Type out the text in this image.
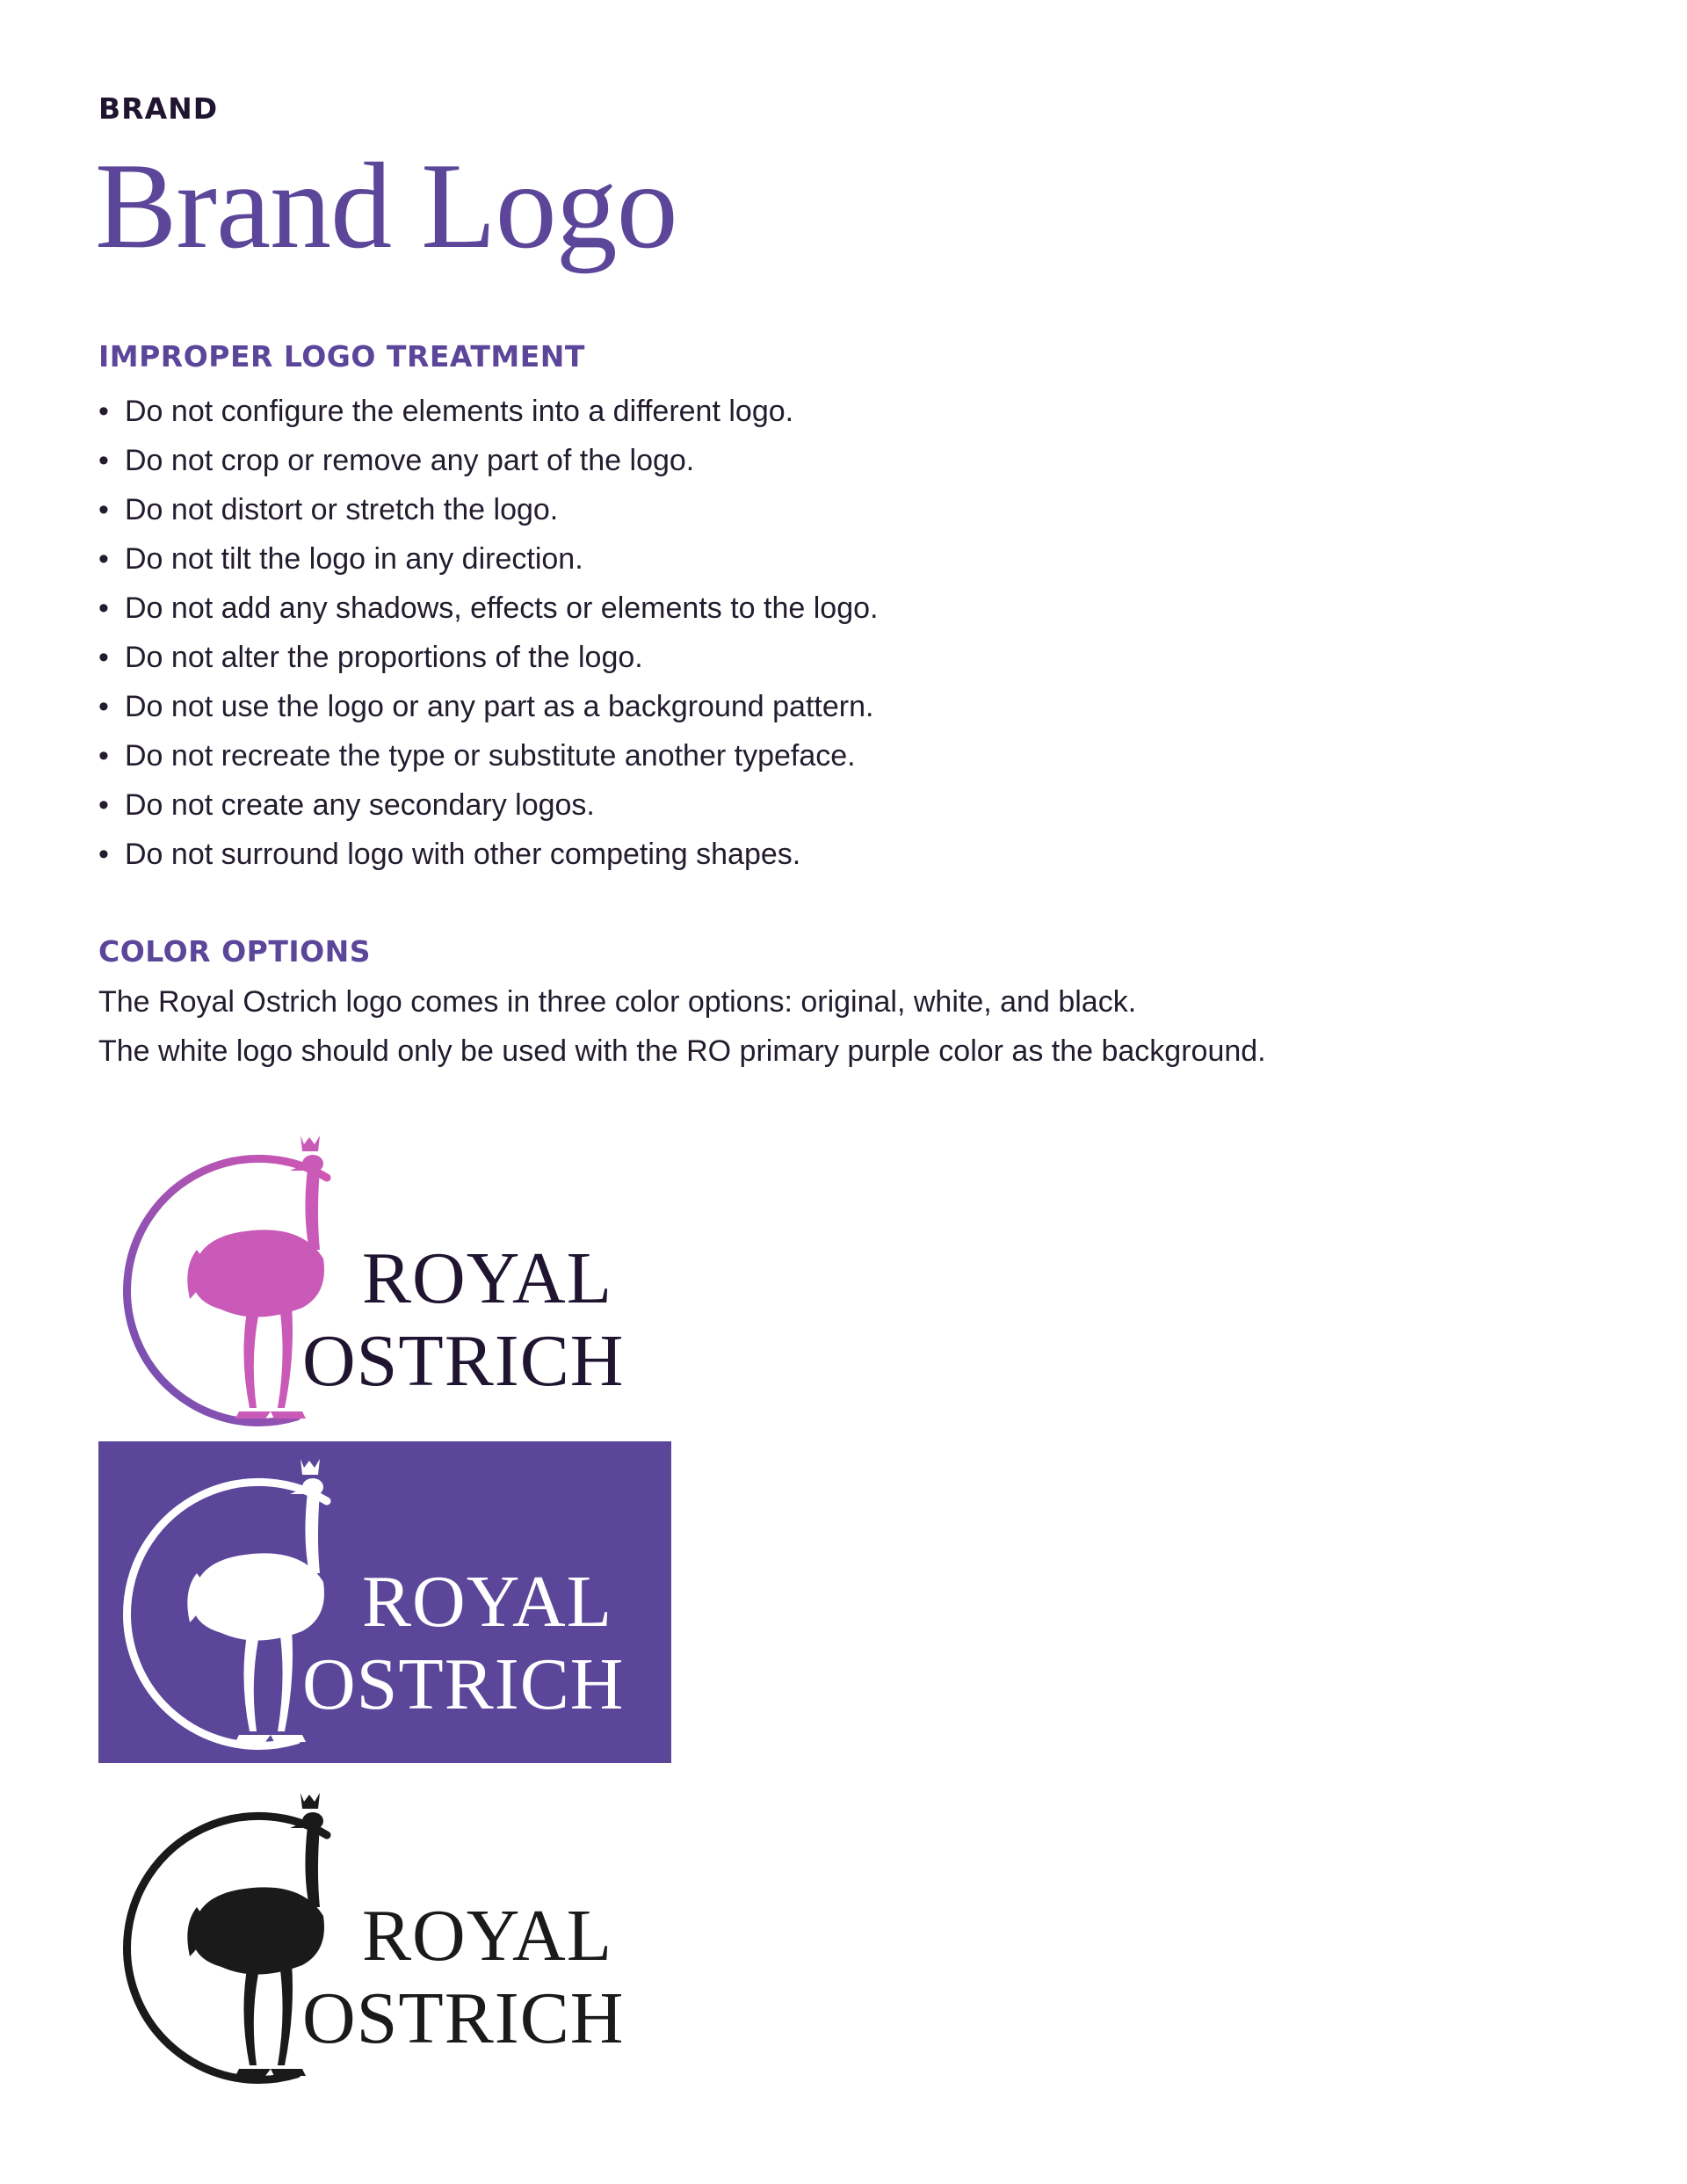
BRAND
Brand Logo
IMPROPER LOGO TREATMENT
• Do not configure the elements into a different logo.
• Do not crop or remove any part of the logo.
• Do not distort or stretch the logo.
• Do not tilt the logo in any direction.
• Do not add any shadows, effects or elements to the logo.
• Do not alter the proportions of the logo.
• Do not use the logo or any part as a background pattern.
• Do not recreate the type or substitute another typeface.
• Do not create any secondary logos.
• Do not surround logo with other competing shapes.
COLOR OPTIONS

The Royal Ostrich logo comes in three color options: original, white, and black.

The white logo should only be used with the RO primary purple color as the background.

ROYAL
OSTRICH
ROYAL
OSTRICH
ROYAL
OSTRICH
